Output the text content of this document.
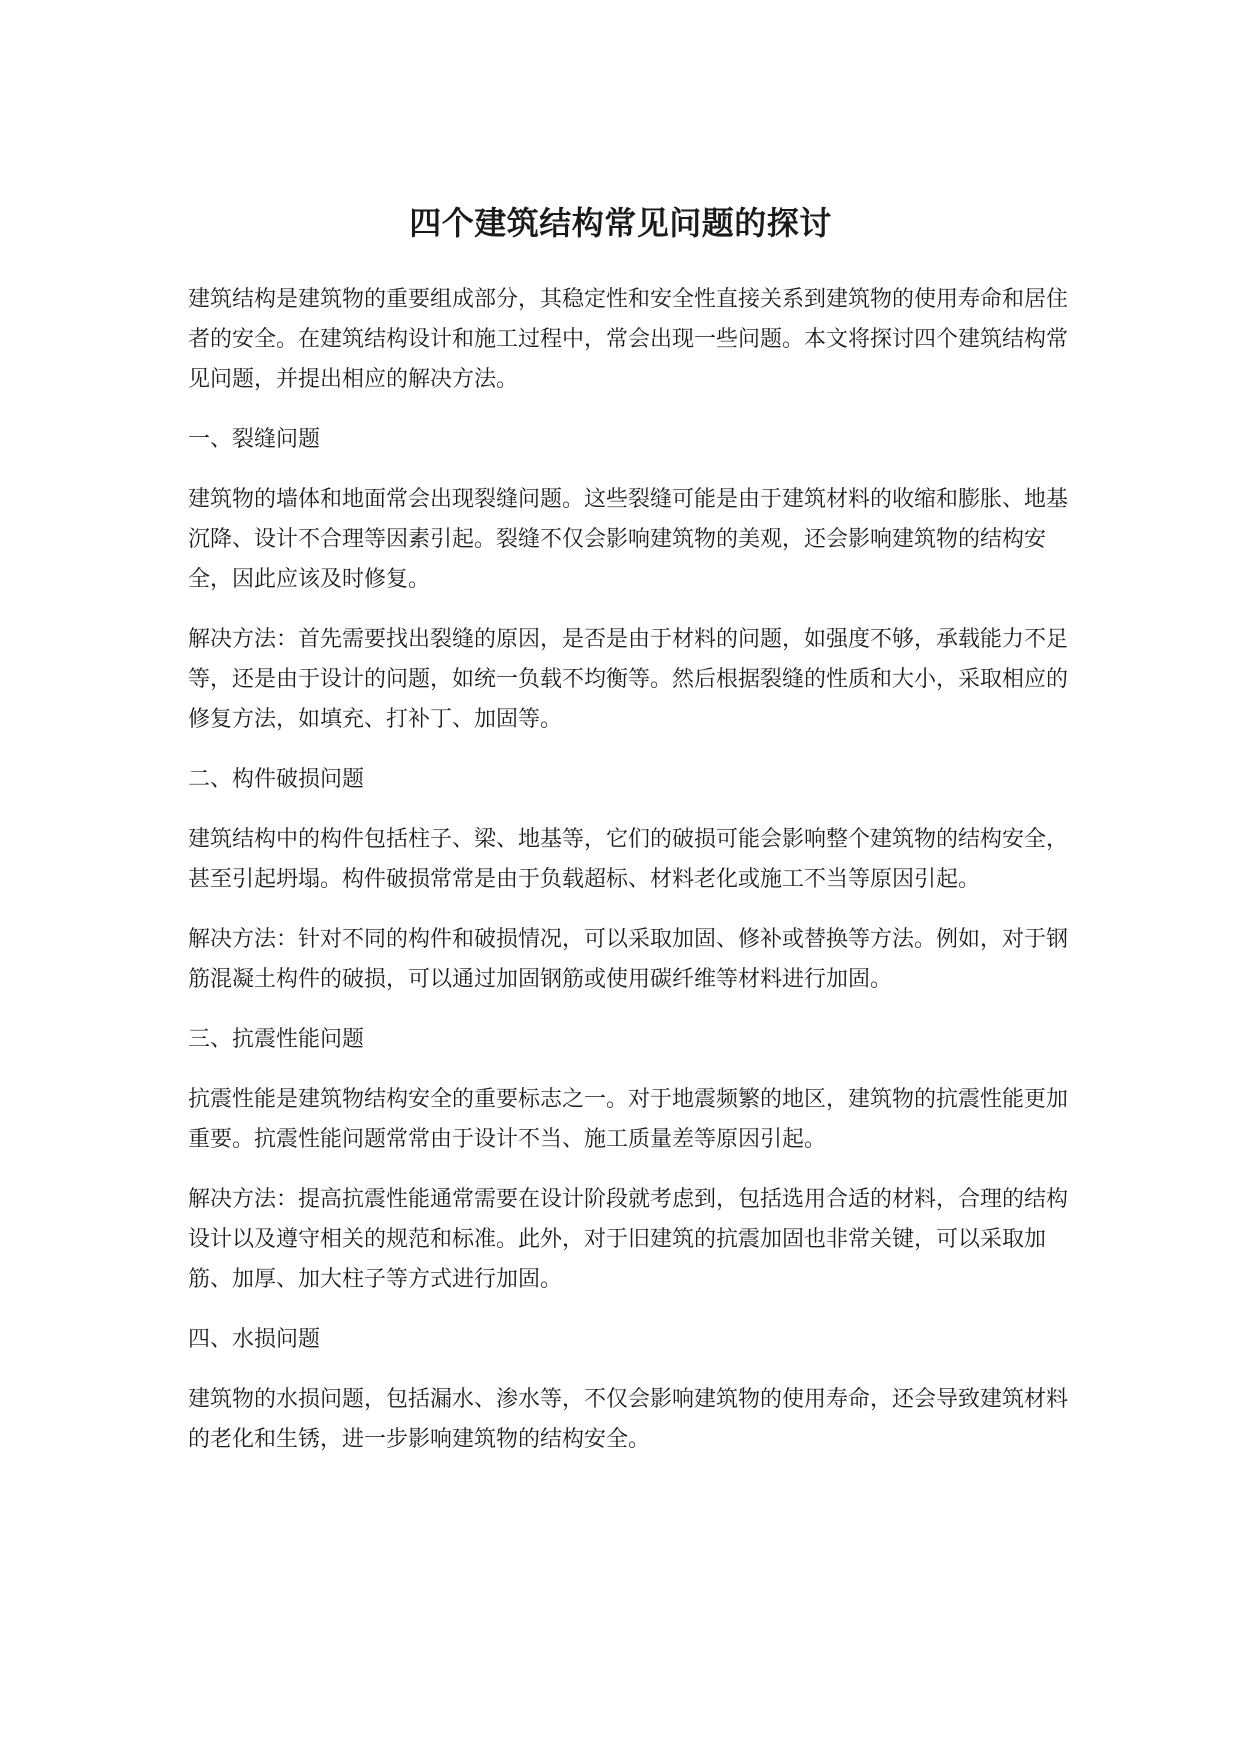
四个建筑结构常见问题的探讨

建筑结构是建筑物的重要组成部分，其稳定性和安全性直接关系到建筑物的使用寿命和居住者的安全。在建筑结构设计和施工过程中，常会出现一些问题。本文将探讨四个建筑结构常见问题，并提出相应的解决方法。

一、裂缝问题

建筑物的墙体和地面常会出现裂缝问题。这些裂缝可能是由于建筑材料的收缩和膨胀、地基沉降、设计不合理等因素引起。裂缝不仅会影响建筑物的美观，还会影响建筑物的结构安全，因此应该及时修复。

解决方法：首先需要找出裂缝的原因，是否是由于材料的问题，如强度不够，承载能力不足等，还是由于设计的问题，如统一负载不均衡等。然后根据裂缝的性质和大小，采取相应的修复方法，如填充、打补丁、加固等。

二、构件破损问题

建筑结构中的构件包括柱子、梁、地基等，它们的破损可能会影响整个建筑物的结构安全，甚至引起坍塌。构件破损常常是由于负载超标、材料老化或施工不当等原因引起。

解决方法：针对不同的构件和破损情况，可以采取加固、修补或替换等方法。例如，对于钢筋混凝土构件的破损，可以通过加固钢筋或使用碳纤维等材料进行加固。

三、抗震性能问题

抗震性能是建筑物结构安全的重要标志之一。对于地震频繁的地区，建筑物的抗震性能更加重要。抗震性能问题常常由于设计不当、施工质量差等原因引起。

解决方法：提高抗震性能通常需要在设计阶段就考虑到，包括选用合适的材料，合理的结构设计以及遵守相关的规范和标准。此外，对于旧建筑的抗震加固也非常关键，可以采取加筋、加厚、加大柱子等方式进行加固。

四、水损问题

建筑物的水损问题，包括漏水、渗水等，不仅会影响建筑物的使用寿命，还会导致建筑材料的老化和生锈，进一步影响建筑物的结构安全。
